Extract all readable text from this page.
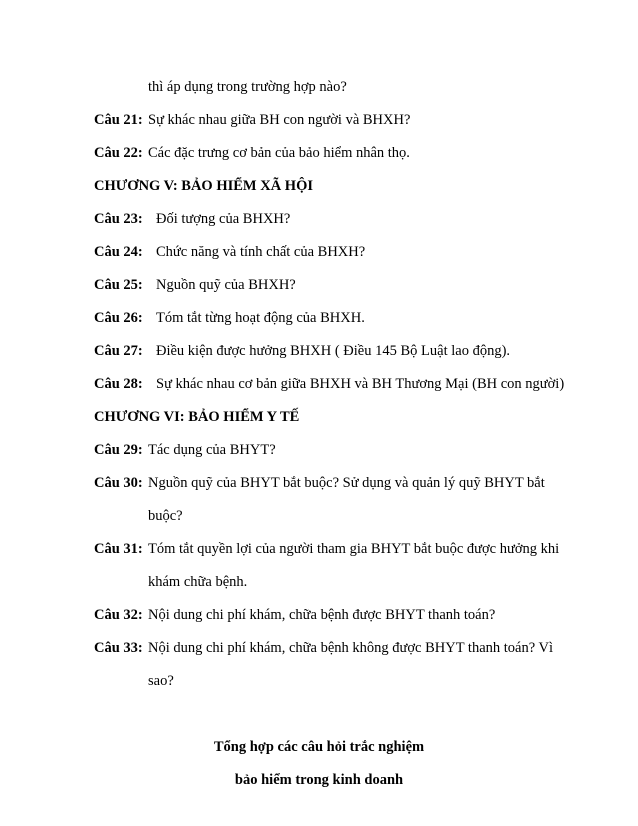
thì áp dụng trong trường hợp nào?
Câu 21: Sự khác nhau giữa BH con người và BHXH?
Câu 22: Các đặc trưng cơ bản của bảo hiểm nhân thọ.
CHƯƠNG V: BẢO HIỂM XÃ HỘI
Câu 23: Đối tượng của BHXH?
Câu 24: Chức năng và tính chất của BHXH?
Câu 25: Nguồn quỹ của BHXH?
Câu 26: Tóm tắt từng hoạt động của BHXH.
Câu 27: Điều kiện được hưởng BHXH ( Điều 145 Bộ Luật lao động).
Câu 28: Sự khác nhau cơ bản giữa BHXH và BH Thương Mại (BH con người)
CHƯƠNG VI: BẢO HIỂM Y TẾ
Câu 29: Tác dụng của BHYT?
Câu 30: Nguồn quỹ của BHYT bắt buộc? Sử dụng và quản lý quỹ BHYT bắt
buộc?
Câu 31: Tóm tắt quyền lợi của người tham gia BHYT bắt buộc được hưởng khi
khám chữa bệnh.
Câu 32: Nội dung chi phí khám, chữa bệnh được BHYT thanh toán?
Câu 33: Nội dung chi phí khám, chữa bệnh không được BHYT thanh toán? Vì
sao?
Tổng hợp các câu hỏi trắc nghiệm
bảo hiểm trong kinh doanh
